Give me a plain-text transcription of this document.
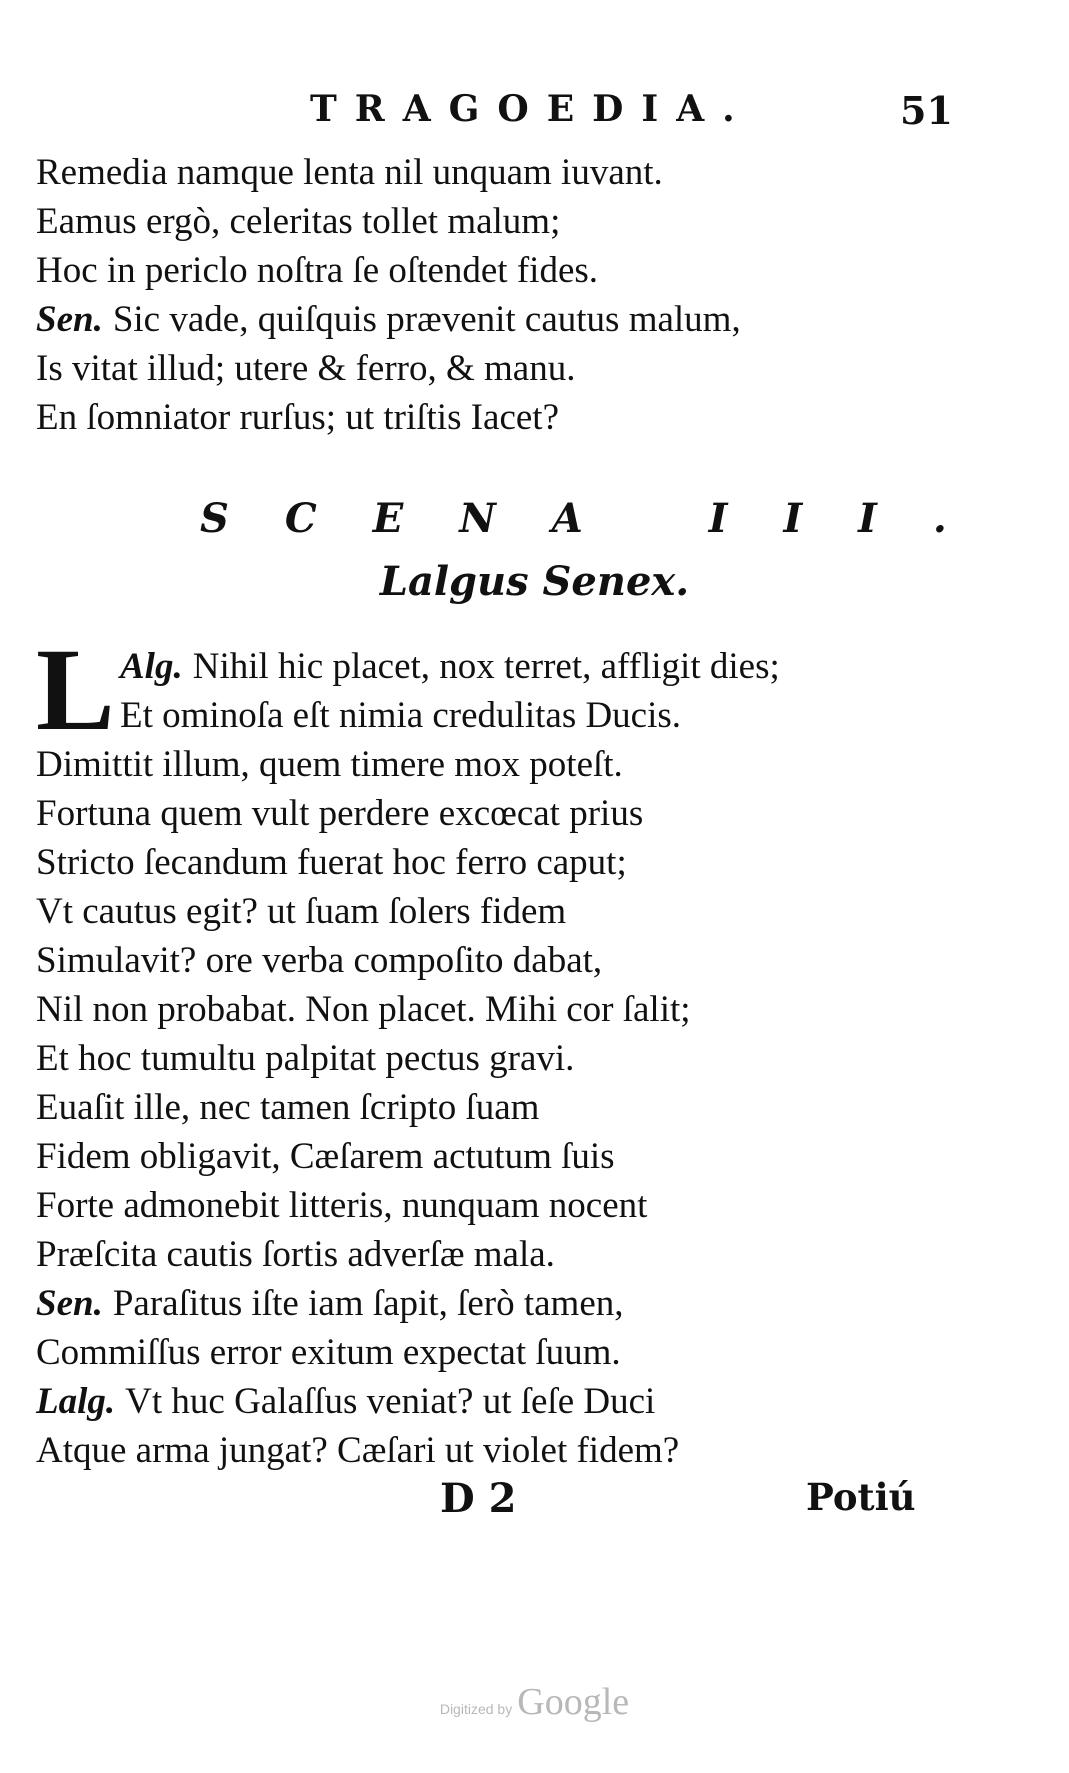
TRAGOEDIA.	51
Remedia namque lenta nil unquam iuvant.
Eamus ergò, celeritas tollet malum;
Hoc in periclo noſtra ſe oſtendet fides.
Sen. Sic vade, quiſquis prævenit cautus malum,
Is vitat illud; utere & ferro, & manu.
En ſomniator rurſus; ut triſtis Iacet?
SCENA III.
Lalgus Senex.
L Alg. Nihil hic placet, nox terret, affligit dies;
Et ominoſa eſt nimia credulitas Ducis.
Dimittit illum, quem timere mox poteſt.
Fortuna quem vult perdere excœcat prius
Stricto ſecandum fuerat hoc ferro caput;
Vt cautus egit? ut ſuam ſolers fidem
Simulavit? ore verba compoſito dabat,
Nil non probabat. Non placet. Mihi cor ſalit;
Et hoc tumultu palpitat pectus gravi.
Euaſit ille, nec tamen ſcripto ſuam
Fidem obligavit, Cæſarem actutum ſuis
Forte admonebit litteris, nunquam nocent
Præſcita cautis ſortis adverſæ mala.
Sen. Paraſitus iſte iam ſapit, ſerò tamen,
Commiſſus error exitum expectat ſuum.
Lalg. Vt huc Galaſſus veniat? ut ſeſe Duci
Atque arma jungat? Cæſari ut violet fidem?
D 2	Potiú
Digitized by Google
